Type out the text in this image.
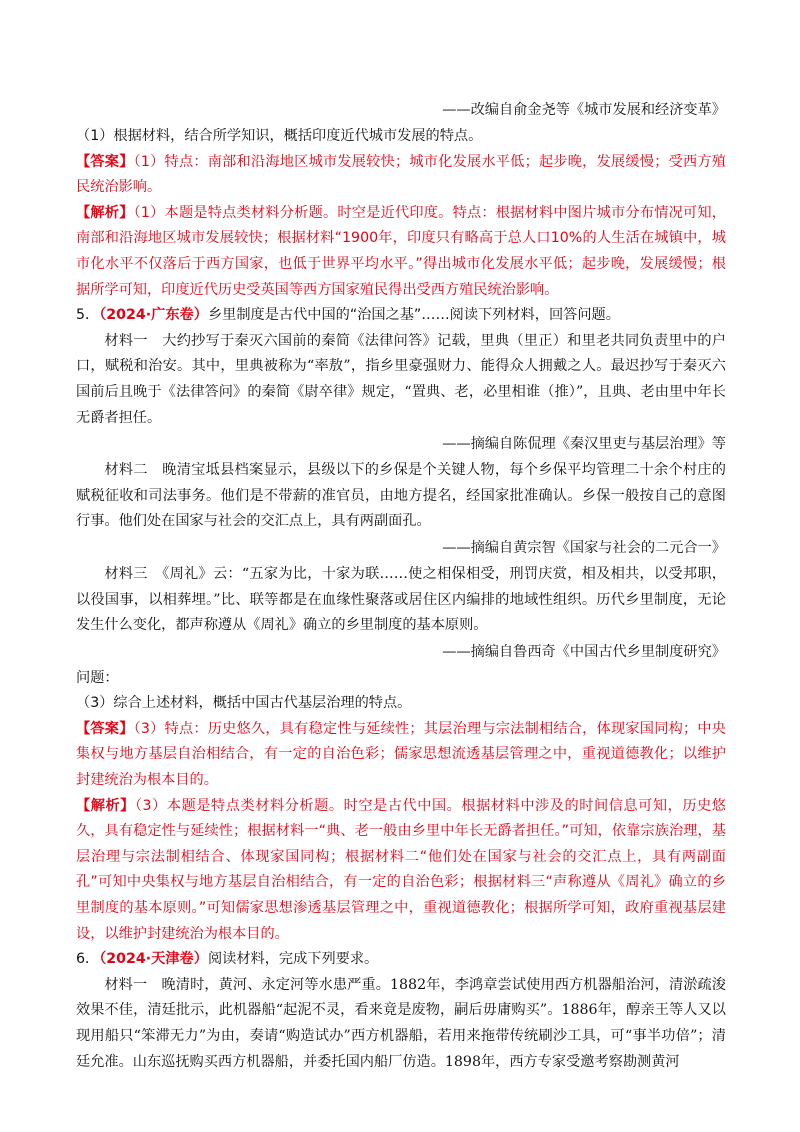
——改编自俞金尧等《城市发展和经济变革》

（1）根据材料，结合所学知识，概括印度近代城市发展的特点。

【答案】（1）特点：南部和沿海地区城市发展较快；城市化发展水平低；起步晚，发展缓慢；受西方殖民统治影响。

【解析】（1）本题是特点类材料分析题。时空是近代印度。特点：根据材料中图片城市分布情况可知，南部和沿海地区城市发展较快；根据材料“1900年，印度只有略高于总人口10%的人生活在城镇中，城市化水平不仅落后于西方国家，也低于世界平均水平。”得出城市化发展水平低；起步晚，发展缓慢；根据所学可知，印度近代历史受英国等西方国家殖民得出受西方殖民统治影响。

5．（2024·广东卷）乡里制度是古代中国的“治国之基”……阅读下列材料，回答问题。

材料一　大约抄写于秦灭六国前的秦简《法律问答》记载，里典（里正）和里老共同负责里中的户口，赋税和治安。其中，里典被称为“率敖”，指乡里豪强财力、能得众人拥戴之人。最迟抄写于秦灭六国前后且晚于《法律答问》的秦简《尉卒律》规定，“置典、老，必里相谁（推）”，且典、老由里中年长无爵者担任。

——摘编自陈侃理《秦汉里吏与基层治理》等

材料二　晚清宝坻县档案显示，县级以下的乡保是个关键人物，每个乡保平均管理二十余个村庄的赋税征收和司法事务。他们是不带薪的准官员，由地方提名，经国家批准确认。乡保一般按自己的意图行事。他们处在国家与社会的交汇点上，具有两副面孔。

——摘编自黄宗智《国家与社会的二元合一》

材料三　《周礼》云：“五家为比，十家为联……使之相保相受，刑罚庆赏，相及相共，以受邦职，以役国事，以相葬埋。”比、联等都是在血缘性聚落或居住区内编排的地域性组织。历代乡里制度，无论发生什么变化，都声称遵从《周礼》确立的乡里制度的基本原则。

——摘编自鲁西奇《中国古代乡里制度研究》

问题：

（3）综合上述材料，概括中国古代基层治理的特点。

【答案】（3）特点：历史悠久，具有稳定性与延续性；其层治理与宗法制相结合，体现家国同构；中央集权与地方基层自治相结合，有一定的自治色彩；儒家思想流透基层管理之中，重视道德教化；以维护封建统治为根本目的。

【解析】（3）本题是特点类材料分析题。时空是古代中国。根据材料中涉及的时间信息可知，历史悠久，具有稳定性与延续性；根据材料一“典、老一般由乡里中年长无爵者担任。”可知，依靠宗族治理，基层治理与宗法制相结合、体现家国同构；根据材料二“他们处在国家与社会的交汇点上，具有两副面孔”可知中央集权与地方基层自治相结合，有一定的自治色彩；根据材料三“声称遵从《周礼》确立的乡里制度的基本原则。”可知儒家思想渗透基层管理之中，重视道德教化；根据所学可知，政府重视基层建设，以维护封建统治为根本目的。

6．（2024·天津卷）阅读材料，完成下列要求。

材料一　晚清时，黄河、永定河等水患严重。1882年，李鸿章尝试使用西方机器船治河，清淤疏浚效果不佳，清廷批示，此机器船“起泥不灵，看来竟是废物，嗣后毋庸购买”。1886年，醇亲王等人又以现用船只“笨滞无力”为由，奏请“购造试办”西方机器船，若用来拖带传统刷沙工具，可“事半功倍”；清廷允准。山东巡抚购买西方机器船，并委托国内船厂仿造。1898年，西方专家受邀考察勘测黄河
